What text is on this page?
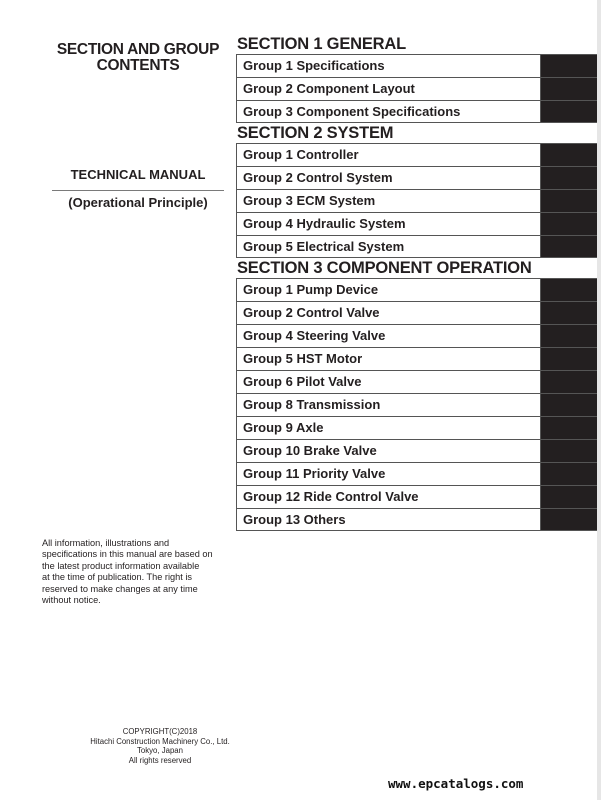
SECTION AND GROUP
CONTENTS
TECHNICAL MANUAL
(Operational Principle)
All information, illustrations and
specifications in this manual are based on
the latest product information available
at the time of publication. The right is
reserved to make changes at any time
without notice.
COPYRIGHT(C)2018
Hitachi Construction Machinery Co., Ltd.
Tokyo, Japan
All rights reserved
SECTION 1 GENERAL
Group 1 Specifications
Group 2 Component Layout
Group 3 Component Specifications
SECTION 2 SYSTEM
Group 1 Controller
Group 2 Control System
Group 3 ECM System
Group 4 Hydraulic System
Group 5 Electrical System
SECTION 3 COMPONENT OPERATION
Group 1 Pump Device
Group 2 Control Valve
Group 4 Steering Valve
Group 5 HST Motor
Group 6 Pilot Valve
Group 8 Transmission
Group 9 Axle
Group 10 Brake Valve
Group 11 Priority Valve
Group 12 Ride Control Valve
Group 13 Others
www.epcatalogs.com
